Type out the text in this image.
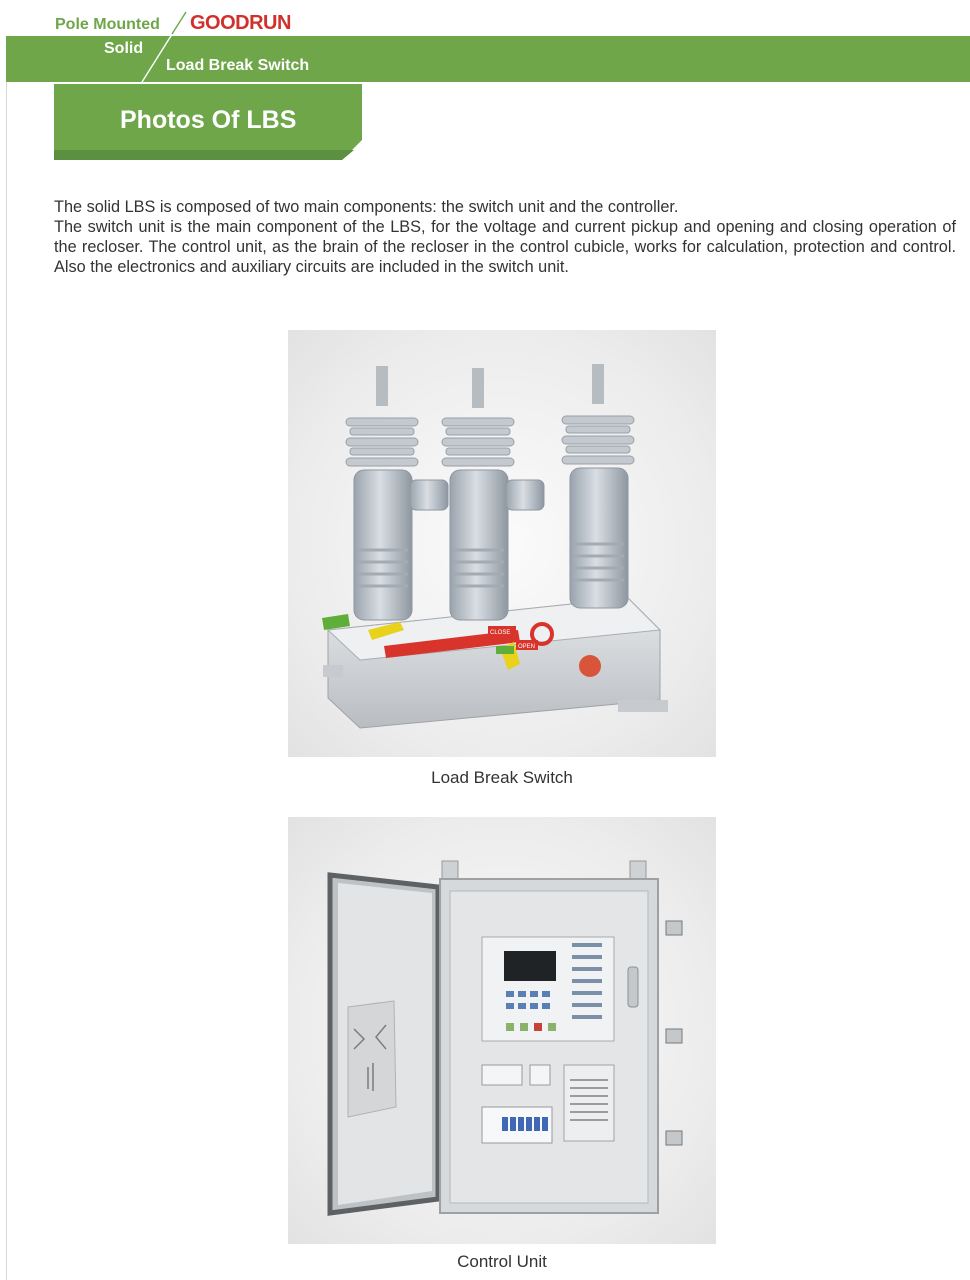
Pole Mounted GOODRUN
Solid
Load Break Switch
Photos Of LBS

The solid LBS is composed of two main components: the switch unit and the controller.

The switch unit is the main component of the LBS, for the voltage and current pickup and opening and closing operation of the recloser. The control unit, as the brain of the recloser in the control cubicle, works for calculation, protection and control. Also the electronics and auxiliary circuits are included in the switch unit.

CLOSE
OPEN
Load Break Switch
Control Unit
